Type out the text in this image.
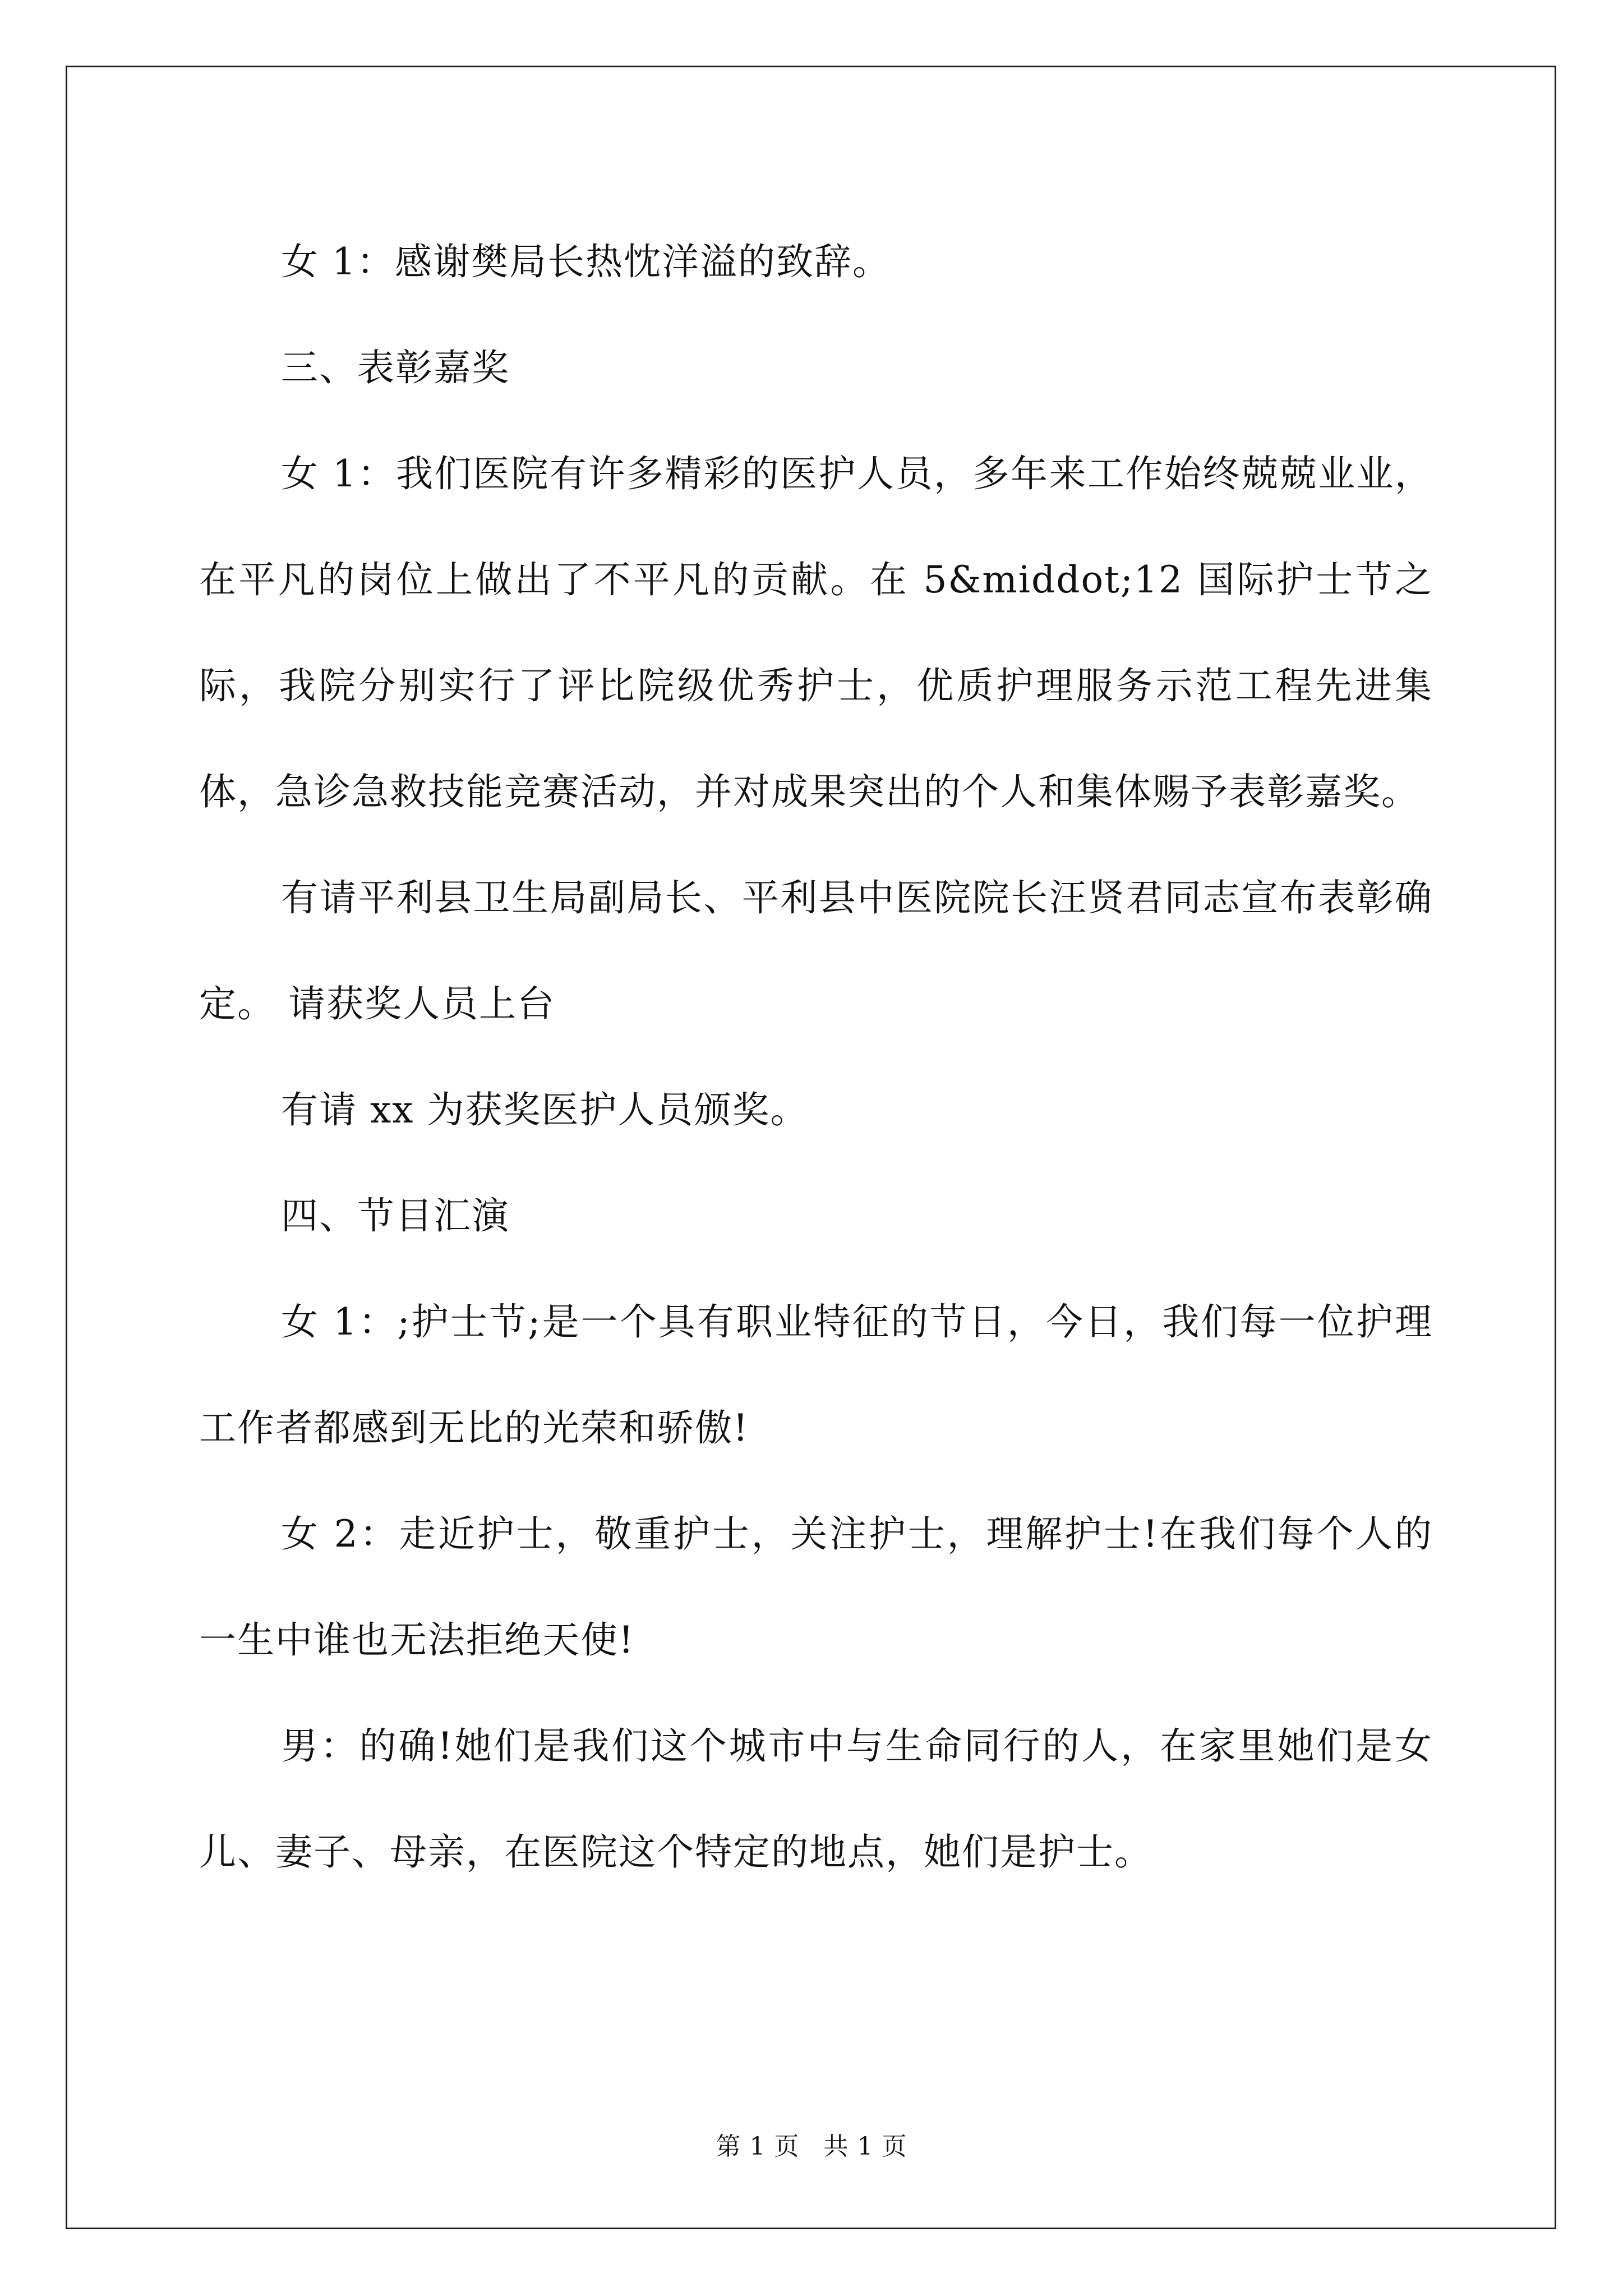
女 1：感谢樊局长热忱洋溢的致辞。

三、表彰嘉奖

女 1：我们医院有许多精彩的医护人员，多年来工作始终兢兢业业，在平凡的岗位上做出了不平凡的贡献。在 5&middot;12 国际护士节之际，我院分别实行了评比院级优秀护士，优质护理服务示范工程先进集体，急诊急救技能竞赛活动，并对成果突出的个人和集体赐予表彰嘉奖。

有请平利县卫生局副局长、平利县中医院院长汪贤君同志宣布表彰确定。 请获奖人员上台

有请 xx 为获奖医护人员颁奖。

四、节目汇演

女 1：;护士节;是一个具有职业特征的节日，今日，我们每一位护理工作者都感到无比的光荣和骄傲!

女 2：走近护士，敬重护士，关注护士，理解护士!在我们每个人的一生中谁也无法拒绝天使!

男：的确!她们是我们这个城市中与生命同行的人，在家里她们是女儿、妻子、母亲，在医院这个特定的地点，她们是护士。

第 1 页 共 1 页
